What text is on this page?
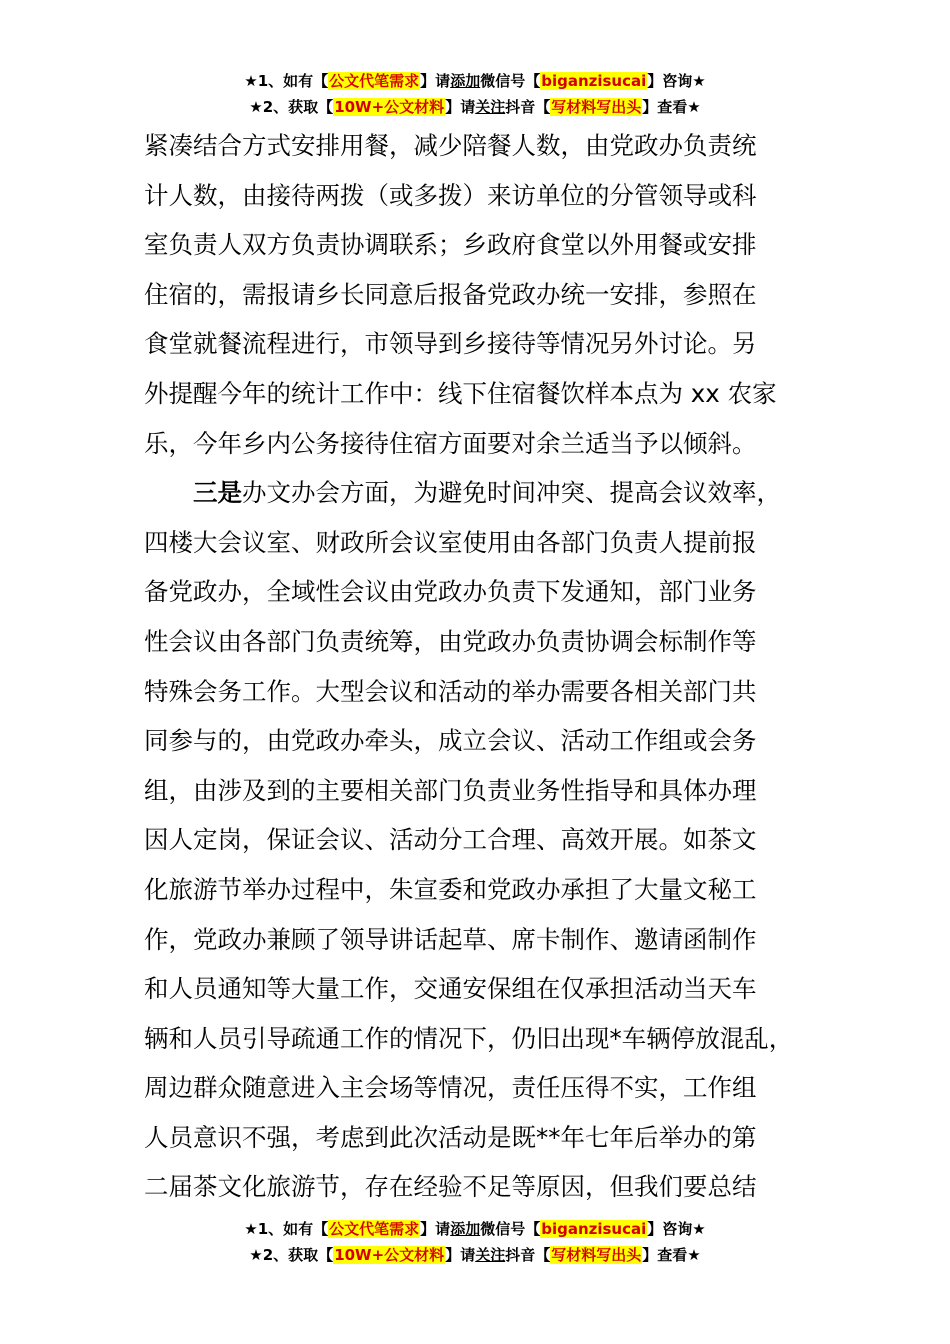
★1、如有【公文代笔需求】请添加微信号【biganzisucai】咨询★
★2、获取【10W+公文材料】请关注抖音【写材料写出头】查看★
紧凑结合方式安排用餐，减少陪餐人数，由党政办负责统
计人数，由接待两拨（或多拨）来访单位的分管领导或科
室负责人双方负责协调联系；乡政府食堂以外用餐或安排
住宿的，需报请乡长同意后报备党政办统一安排，参照在
食堂就餐流程进行，市领导到乡接待等情况另外讨论。另
外提醒今年的统计工作中：线下住宿餐饮样本点为 xx 农家
乐，今年乡内公务接待住宿方面要对余兰适当予以倾斜。
三是办文办会方面，为避免时间冲突、提高会议效率，
四楼大会议室、财政所会议室使用由各部门负责人提前报
备党政办，全域性会议由党政办负责下发通知，部门业务
性会议由各部门负责统筹，由党政办负责协调会标制作等
特殊会务工作。大型会议和活动的举办需要各相关部门共
同参与的，由党政办牵头，成立会议、活动工作组或会务
组，由涉及到的主要相关部门负责业务性指导和具体办理
因人定岗，保证会议、活动分工合理、高效开展。如茶文
化旅游节举办过程中，朱宣委和党政办承担了大量文秘工
作，党政办兼顾了领导讲话起草、席卡制作、邀请函制作
和人员通知等大量工作，交通安保组在仅承担活动当天车
辆和人员引导疏通工作的情况下，仍旧出现*车辆停放混乱，
周边群众随意进入主会场等情况，责任压得不实，工作组
人员意识不强，考虑到此次活动是既**年七年后举办的第
二届茶文化旅游节，存在经验不足等原因，但我们要总结
★1、如有【公文代笔需求】请添加微信号【biganzisucai】咨询★
★2、获取【10W+公文材料】请关注抖音【写材料写出头】查看★
